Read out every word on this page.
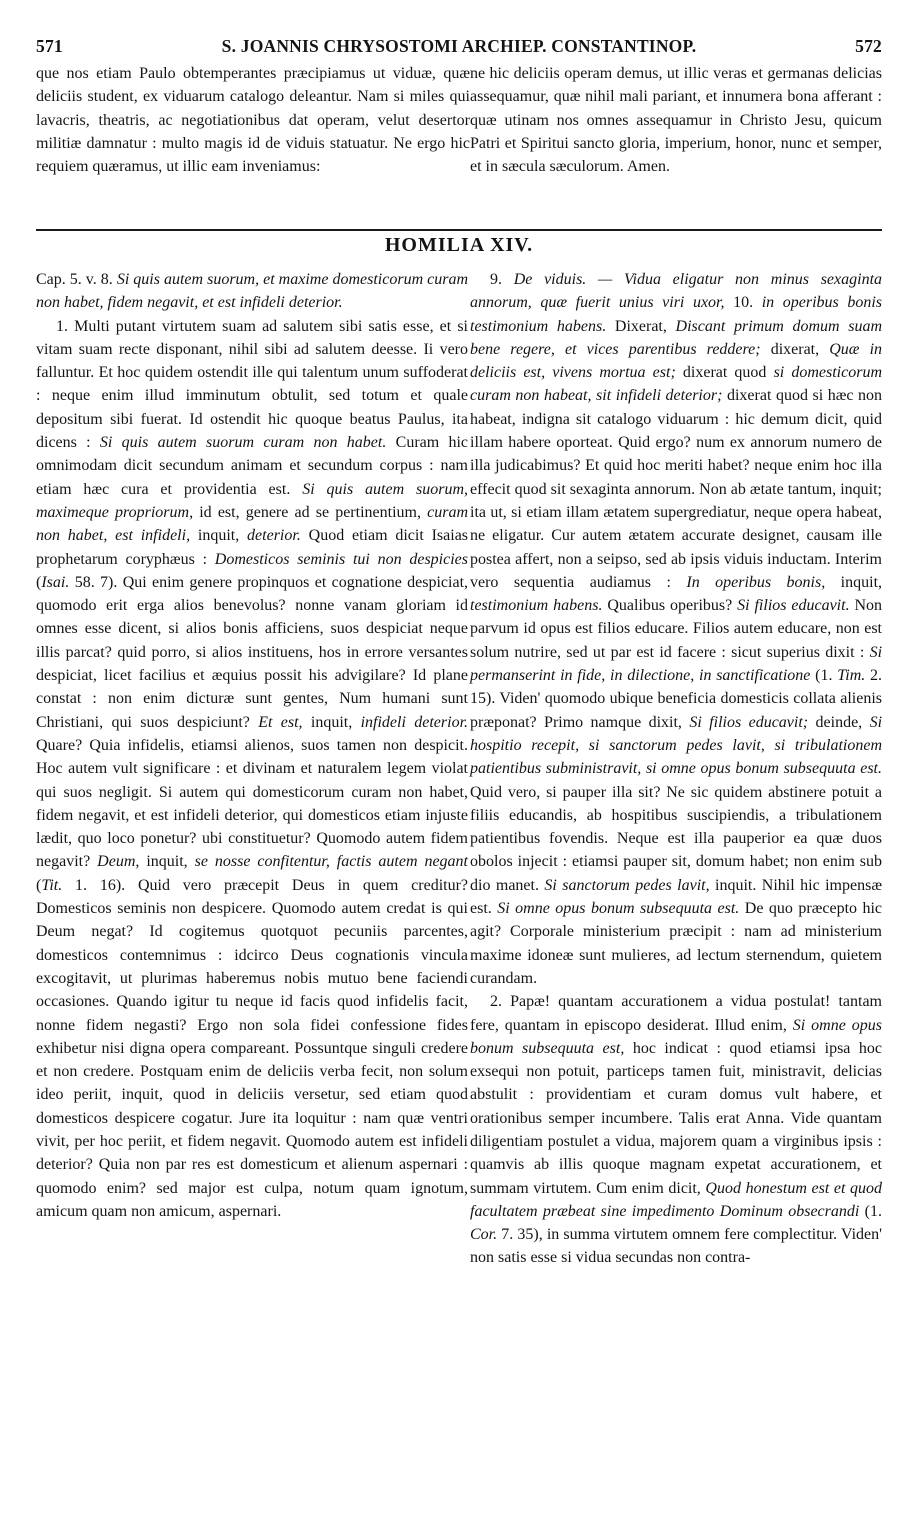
571	S. JOANNIS CHRYSOSTOMI ARCHIEP. CONSTANTINOP.	572

que nos etiam Paulo obtemperantes præcipiamus ut viduæ, quæ deliciis student, ex viduarum catalogo deleantur. Nam si miles qui lavacris, theatris, ac negotiationibus dat operam, velut desertor militiæ damnatur : multo magis id de viduis statuatur. Ne ergo hic requiem quæramus, ut illic eam inveniamus:

ne hic deliciis operam demus, ut illic veras et germanas delicias assequamur, quæ nihil mali pariant, et innumera bona afferant : quæ utinam nos omnes assequamur in Christo Jesu, quicum Patri et Spiritui sancto gloria, imperium, honor, nunc et semper, et in sæcula sæculorum. Amen.

HOMILIA XIV.

Cap. 5. v. 8. Si quis autem suorum, et maxime domesticorum curam non habet, fidem negavit, et est infideli deterior.

1. Multi putant virtutem suam ad salutem sibi satis esse, et si vitam suam recte disponant, nihil sibi ad salutem deesse. Ii vero falluntur. Et hoc quidem ostendit ille qui talentum unum suffoderat : neque enim illud imminutum obtulit, sed totum et quale depositum sibi fuerat. Id ostendit hic quoque beatus Paulus, ita dicens : Si quis autem suorum curam non habet. Curam hic omnimodam dicit secundum animam et secundum corpus : nam etiam hæc cura et providentia est. Si quis autem suorum, maximeque propriorum, id est, genere ad se pertinentium, curam non habet, est infideli, inquit, deterior. Quod etiam dicit Isaias prophetarum coryphæus : Domesticos seminis tui non despicies (Isai. 58. 7). Qui enim genere propinquos et cognatione despiciat, quomodo erit erga alios benevolus? nonne vanam gloriam id omnes esse dicent, si alios bonis afficiens, suos despiciat neque illis parcat? quid porro, si alios instituens, hos in errore versantes despiciat, licet facilius et æquius possit his advigilare? Id plane constat : non enim dicturæ sunt gentes, Num humani sunt Christiani, qui suos despiciunt? Et est, inquit, infideli deterior. Quare? Quia infidelis, etiamsi alienos, suos tamen non despicit. Hoc autem vult significare : et divinam et naturalem legem violat qui suos negligit. Si autem qui domesticorum curam non habet, fidem negavit, et est infideli deterior, qui domesticos etiam injuste lædit, quo loco ponetur? ubi constituetur? Quomodo autem fidem negavit? Deum, inquit, se nosse confitentur, factis autem negant (Tit. 1. 16). Quid vero præcepit Deus in quem creditur? Domesticos seminis non despicere. Quomodo autem credat is qui Deum negat? Id cogitemus quotquot pecuniis parcentes, domesticos contemnimus : idcirco Deus cognationis vincula excogitavit, ut plurimas haberemus nobis mutuo bene faciendi occasiones. Quando igitur tu neque id facis quod infidelis facit, nonne fidem negasti? Ergo non sola fidei confessione fides exhibetur nisi digna opera compareant. Possuntque singuli credere et non credere. Postquam enim de deliciis verba fecit, non solum ideo periit, inquit, quod in deliciis versetur, sed etiam quod domesticos despicere cogatur. Jure ita loquitur : nam quæ ventri vivit, per hoc periit, et fidem negavit. Quomodo autem est infideli deterior? Quia non par res est domesticum et alienum aspernari : quomodo enim? sed major est culpa, notum quam ignotum, amicum quam non amicum, aspernari.

9. De viduis. — Vidua eligatur non minus sexaginta annorum, quæ fuerit unius viri uxor, 10. in operibus bonis testimonium habens. Dixerat, Discant primum domum suam bene regere, et vices parentibus reddere; dixerat, Quæ in deliciis est, vivens mortua est; dixerat quod si domesticorum curam non habeat, sit infideli deterior; dixerat quod si hæc non habeat, indigna sit catalogo viduarum : hic demum dicit, quid illam habere oporteat. Quid ergo? num ex annorum numero de illa judicabimus? Et quid hoc meriti habet? neque enim hoc illa effecit quod sit sexaginta annorum. Non ab ætate tantum, inquit; ita ut, si etiam illam ætatem supergrediatur, neque opera habeat, ne eligatur. Cur autem ætatem accurate designet, causam ille postea affert, non a seipso, sed ab ipsis viduis inductam. Interim vero sequentia audiamus : In operibus bonis, inquit, testimonium habens. Qualibus operibus? Si filios educavit. Non parvum id opus est filios educare. Filios autem educare, non est solum nutrire, sed ut par est id facere : sicut superius dixit : Si permanserint in fide, in dilectione, in sanctificatione (1. Tim. 2. 15). Viden' quomodo ubique beneficia domesticis collata alienis præponat? Primo namque dixit, Si filios educavit; deinde, Si hospitio recepit, si sanctorum pedes lavit, si tribulationem patientibus subministravit, si omne opus bonum subsequuta est. Quid vero, si pauper illa sit? Ne sic quidem abstinere potuit a filiis educandis, ab hospitibus suscipiendis, a tribulationem patientibus fovendis. Neque est illa pauperior ea quæ duos obolos injecit : etiamsi pauper sit, domum habet; non enim sub dio manet. Si sanctorum pedes lavit, inquit. Nihil hic impensæ est. Si omne opus bonum subsequuta est. De quo præcepto hic agit? Corporale ministerium præcipit : nam ad ministerium maxime idoneæ sunt mulieres, ad lectum sternendum, quietem curandam.

2. Papæ! quantam accurationem a vidua postulat! tantam fere, quantam in episcopo desiderat. Illud enim, Si omne opus bonum subsequuta est, hoc indicat : quod etiamsi ipsa hoc exsequi non potuit, particeps tamen fuit, ministravit, delicias abstulit : providentiam et curam domus vult habere, et orationibus semper incumbere. Talis erat Anna. Vide quantam diligentiam postulet a vidua, majorem quam a virginibus ipsis : quamvis ab illis quoque magnam expetat accurationem, et summam virtutem. Cum enim dicit, Quod honestum est et quod facultatem præbeat sine impedimento Dominum obsecrandi (1. Cor. 7. 35), in summa virtutem omnem fere complectitur. Viden' non satis esse si vidua secundas non contra-
